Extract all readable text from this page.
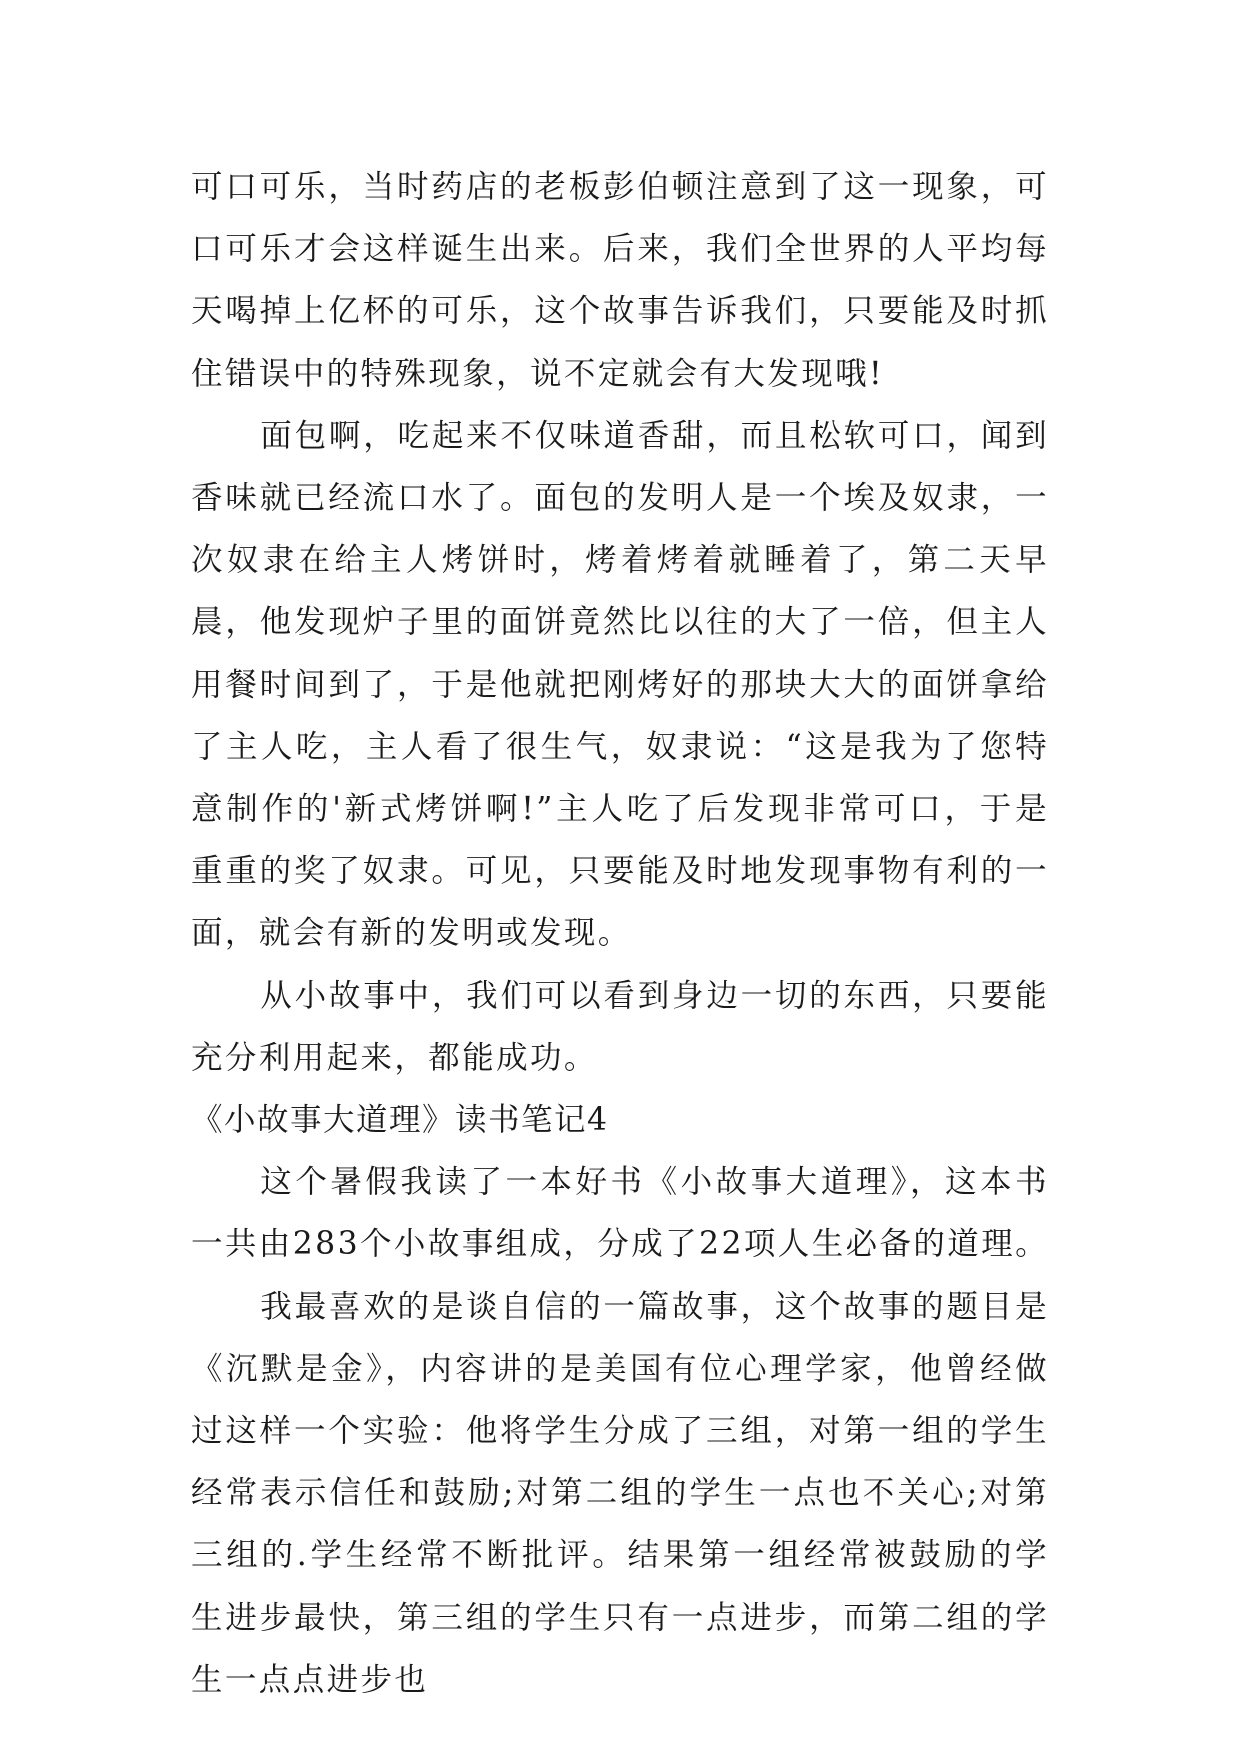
可口可乐，当时药店的老板彭伯顿注意到了这一现象，可口可乐才会这样诞生出来。后来，我们全世界的人平均每天喝掉上亿杯的可乐，这个故事告诉我们，只要能及时抓住错误中的特殊现象，说不定就会有大发现哦!

面包啊，吃起来不仅味道香甜，而且松软可口，闻到香味就已经流口水了。面包的发明人是一个埃及奴隶，一次奴隶在给主人烤饼时，烤着烤着就睡着了，第二天早晨，他发现炉子里的面饼竟然比以往的大了一倍，但主人用餐时间到了，于是他就把刚烤好的那块大大的面饼拿给了主人吃，主人看了很生气，奴隶说：“这是我为了您特意制作的'新式烤饼啊!”主人吃了后发现非常可口，于是重重的奖了奴隶。可见，只要能及时地发现事物有利的一面，就会有新的发明或发现。

从小故事中，我们可以看到身边一切的东西，只要能充分利用起来，都能成功。

《小故事大道理》读书笔记4

这个暑假我读了一本好书《小故事大道理》，这本书一共由283个小故事组成，分成了22项人生必备的道理。

我最喜欢的是谈自信的一篇故事，这个故事的题目是《沉默是金》，内容讲的是美国有位心理学家，他曾经做过这样一个实验：他将学生分成了三组，对第一组的学生经常表示信任和鼓励;对第二组的学生一点也不关心;对第三组的.学生经常不断批评。结果第一组经常被鼓励的学生进步最快，第三组的学生只有一点进步，而第二组的学生一点点进步也
